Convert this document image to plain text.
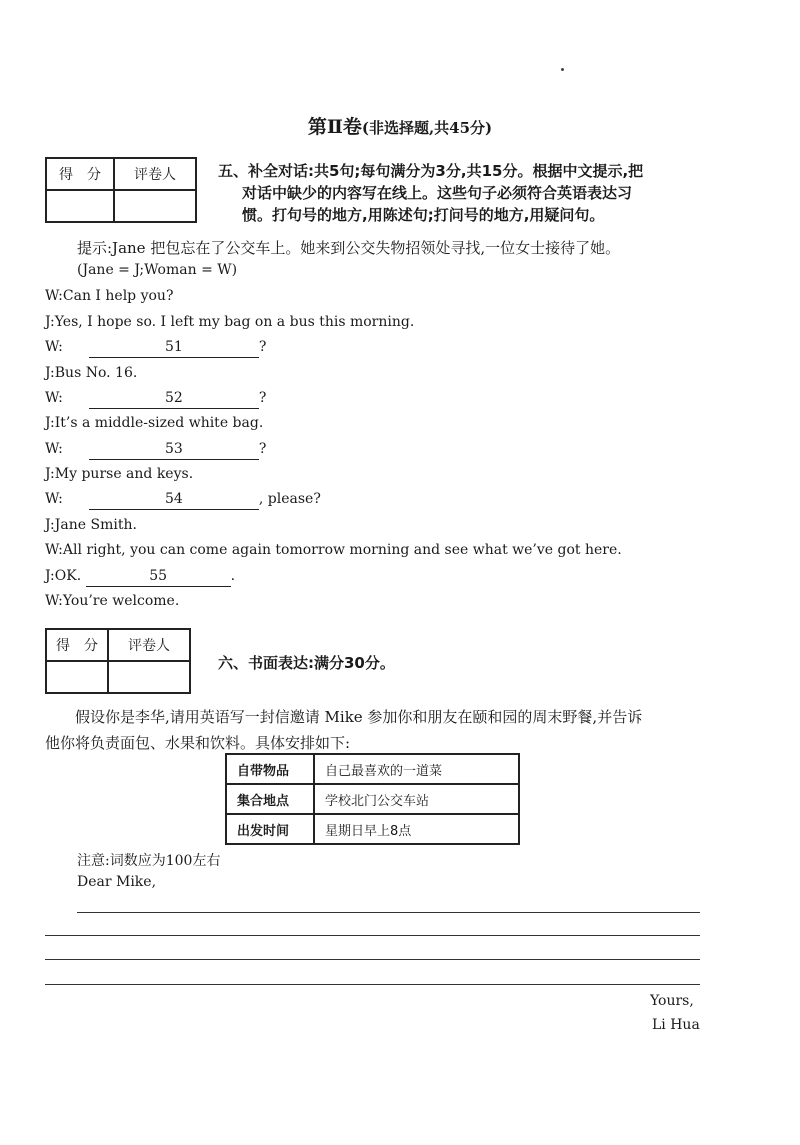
第Ⅱ卷(非选择题,共45分)
得　分	评卷人
		五、补全对话:共5句;每句满分为3分,共15分。根据中文提示,把
对话中缺少的内容写在线上。这些句子必须符合英语表达习
惯。打句号的地方,用陈述句;打问号的地方,用疑问句。
提示:Jane 把包忘在了公交车上。她来到公交失物招领处寻找,一位女士接待了她。
(Jane = J;Woman = W)
W:Can I help you?
J:Yes, I hope so. I left my bag on a bus this morning.
W:	51	?
J:Bus No. 16.
W:	52	?
J:It’s a middle-sized white bag.
W:	53	?
J:My purse and keys.
W:	54	, please?
J:Jane Smith.
W:All right, you can come again tomorrow morning and see what we’ve got here.
J:OK.	55	.
W:You’re welcome.
得　分	评卷人

六、书面表达:满分30分。
假设你是李华,请用英语写一封信邀请 Mike 参加你和朋友在颐和园的周末野餐,并告诉
他你将负责面包、水果和饮料。具体安排如下:
自带物品	自己最喜欢的一道菜
集合地点	学校北门公交车站
出发时间	星期日早上8点
注意:词数应为100左右
Dear Mike,
Yours,
Li Hua
